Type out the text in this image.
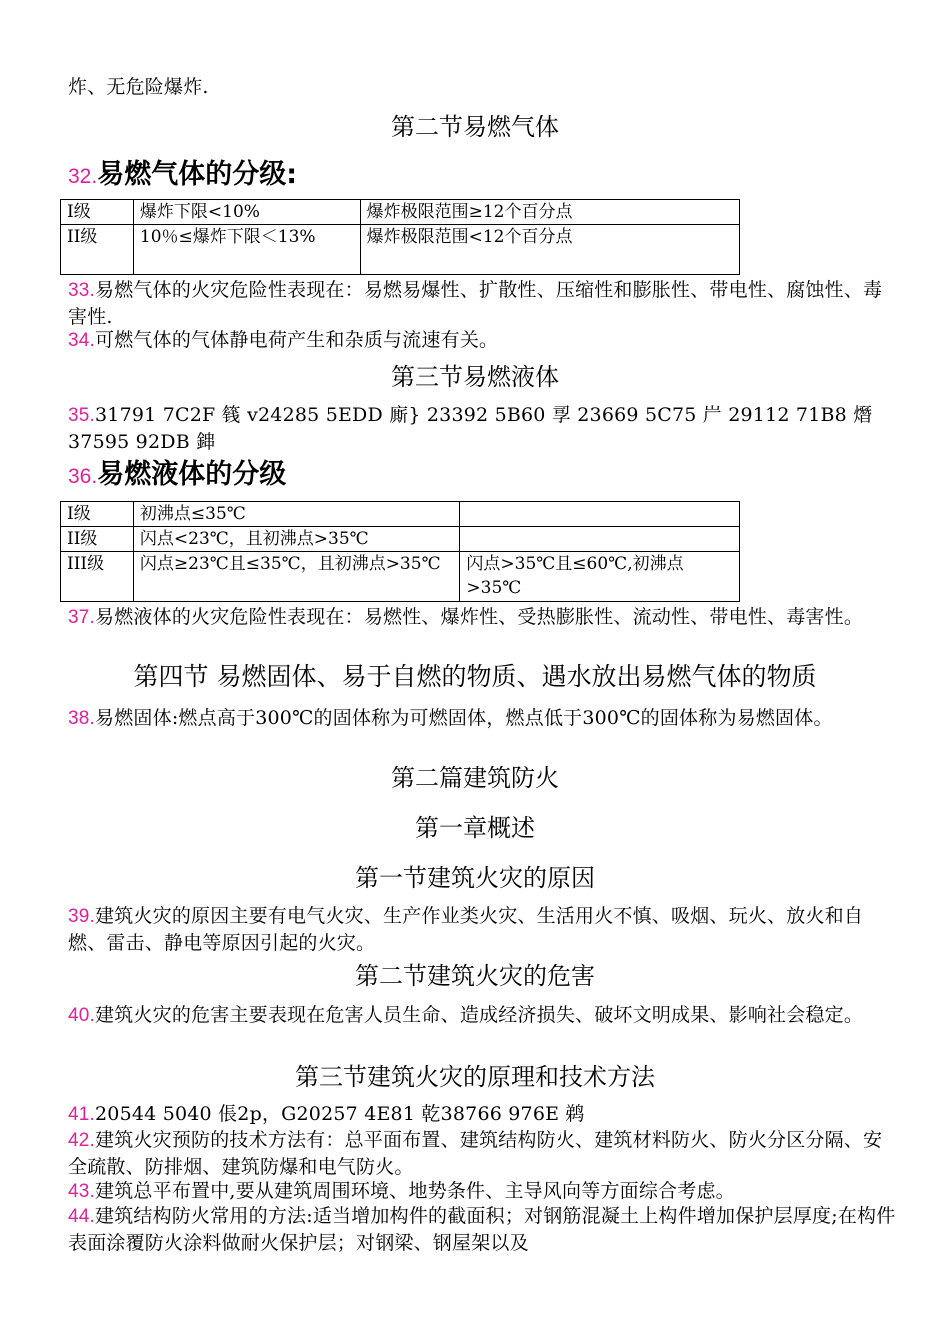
炸、无危险爆炸.
第二节易燃气体
32.易燃气体的分级:
I级	爆炸下限<10%	爆炸极限范围≥12个百分点
II级	10％≤爆炸下限＜13%	爆炸极限范围<12个百分点
33.易燃气体的火灾危险性表现在：易燃易爆性、扩散性、压缩性和膨胀性、带电性、腐蚀性、毒害性.
34.可燃气体的气体静电荷产生和杂质与流速有关。
第三节易燃液体
35.31791 7C2F 篯 v24285 5EDD 廝} 23392 5B60 孠 23669 5C75 屵 29112 71B8 熸 37595 92DB 鋛
36.易燃液体的分级
I级	初沸点≤35℃	
II级	闪点<23℃，且初沸点>35℃	
III级	闪点≥23℃且≤35℃，且初沸点>35℃	闪点>35℃且≤60℃,初沸点>35℃
37.易燃液体的火灾危险性表现在：易燃性、爆炸性、受热膨胀性、流动性、带电性、毒害性。
第四节 易燃固体、易于自燃的物质、遇水放出易燃气体的物质
38.易燃固体:燃点高于300℃的固体称为可燃固体，燃点低于300℃的固体称为易燃固体。
第二篇建筑防火
第一章概述
第一节建筑火灾的原因
39.建筑火灾的原因主要有电气火灾、生产作业类火灾、生活用火不慎、吸烟、玩火、放火和自燃、雷击、静电等原因引起的火灾。
第二节建筑火灾的危害
40.建筑火灾的危害主要表现在危害人员生命、造成经济损失、破坏文明成果、影响社会稳定。
第三节建筑火灾的原理和技术方法
41.20544 5040 倀2p，G20257 4E81 乾38766 976E 鹈
42.建筑火灾预防的技术方法有：总平面布置、建筑结构防火、建筑材料防火、防火分区分隔、安全疏散、防排烟、建筑防爆和电气防火。
43.建筑总平布置中,要从建筑周围环境、地势条件、主导风向等方面综合考虑。
44.建筑结构防火常用的方法:适当增加构件的截面积；对钢筋混凝土上构件增加保护层厚度;在构件表面涂覆防火涂料做耐火保护层；对钢梁、钢屋架以及
